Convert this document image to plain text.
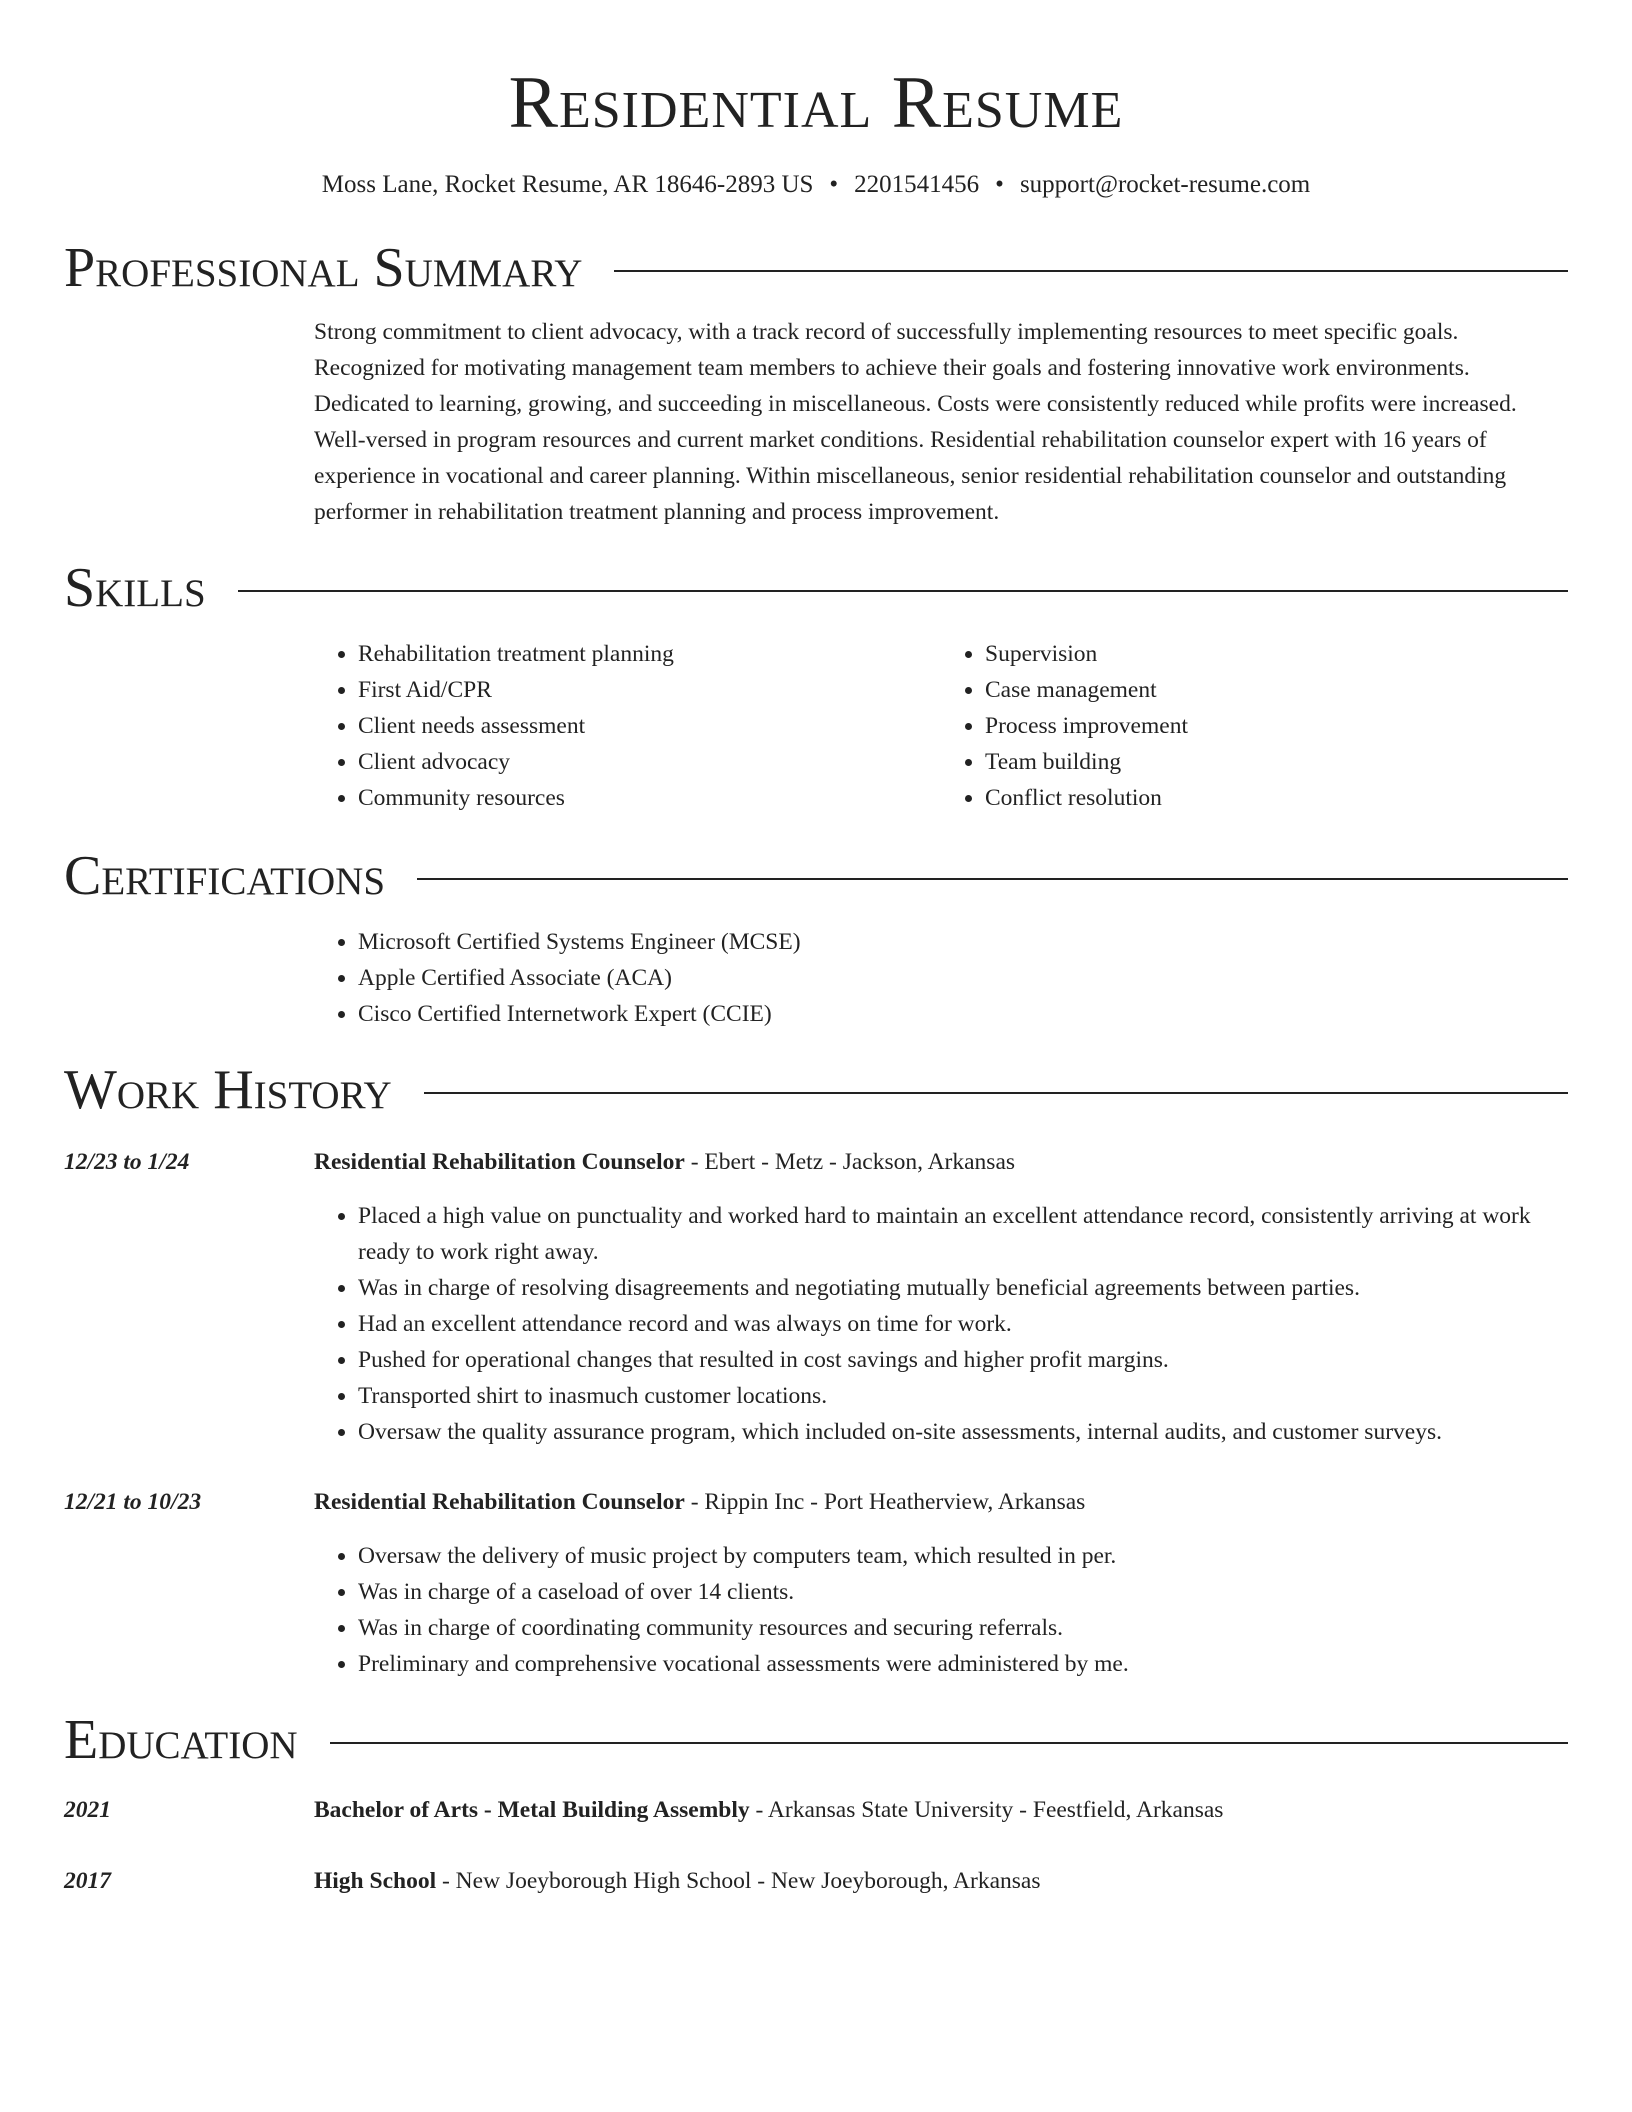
Residential Resume
Moss Lane, Rocket Resume, AR 18646-2893 US • 2201541456 • support@rocket-resume.com
Professional Summary

Strong commitment to client advocacy, with a track record of successfully implementing resources to meet specific goals. Recognized for motivating management team members to achieve their goals and fostering innovative work environments. Dedicated to learning, growing, and succeeding in miscellaneous. Costs were consistently reduced while profits were increased. Well-versed in program resources and current market conditions. Residential rehabilitation counselor expert with 16 years of experience in vocational and career planning. Within miscellaneous, senior residential rehabilitation counselor and outstanding performer in rehabilitation treatment planning and process improvement.

Skills
• Rehabilitation treatment planning
• First Aid/CPR
• Client needs assessment
• Client advocacy
• Community resources
• Supervision
• Case management
• Process improvement
• Team building
• Conflict resolution
Certifications
• Microsoft Certified Systems Engineer (MCSE)
• Apple Certified Associate (ACA)
• Cisco Certified Internetwork Expert (CCIE)
Work History
12/23 to 1/24	Residential Rehabilitation Counselor - Ebert - Metz - Jackson, Arkansas
• Placed a high value on punctuality and worked hard to maintain an excellent attendance record, consistently arriving at work ready to work right away.
• Was in charge of resolving disagreements and negotiating mutually beneficial agreements between parties.
• Had an excellent attendance record and was always on time for work.
• Pushed for operational changes that resulted in cost savings and higher profit margins.
• Transported shirt to inasmuch customer locations.
• Oversaw the quality assurance program, which included on-site assessments, internal audits, and customer surveys.
12/21 to 10/23	Residential Rehabilitation Counselor - Rippin Inc - Port Heatherview, Arkansas
• Oversaw the delivery of music project by computers team, which resulted in per.
• Was in charge of a caseload of over 14 clients.
• Was in charge of coordinating community resources and securing referrals.
• Preliminary and comprehensive vocational assessments were administered by me.
Education
2021	Bachelor of Arts - Metal Building Assembly - Arkansas State University - Feestfield, Arkansas
2017	High School - New Joeyborough High School - New Joeyborough, Arkansas
